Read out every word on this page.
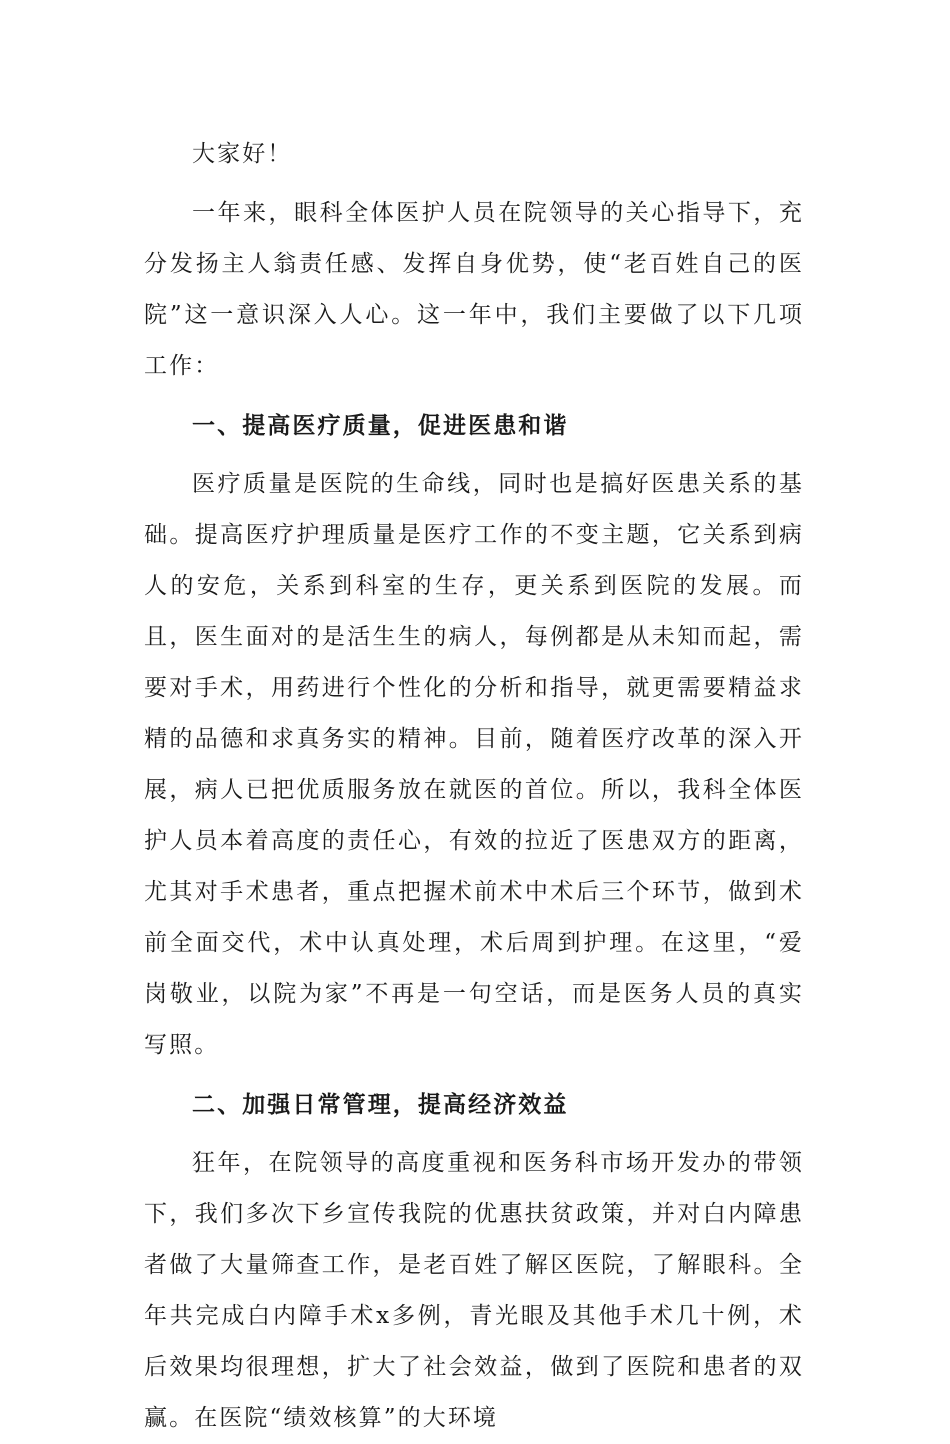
大家好！

一年来，眼科全体医护人员在院领导的关心指导下，充分发扬主人翁责任感、发挥自身优势，使“老百姓自己的医院”这一意识深入人心。这一年中，我们主要做了以下几项工作：

一、提高医疗质量，促进医患和谐

医疗质量是医院的生命线，同时也是搞好医患关系的基础。提高医疗护理质量是医疗工作的不变主题，它关系到病人的安危，关系到科室的生存，更关系到医院的发展。而且，医生面对的是活生生的病人，每例都是从未知而起，需要对手术，用药进行个性化的分析和指导，就更需要精益求精的品德和求真务实的精神。目前，随着医疗改革的深入开展，病人已把优质服务放在就医的首位。所以，我科全体医护人员本着高度的责任心，有效的拉近了医患双方的距离，尤其对手术患者，重点把握术前术中术后三个环节，做到术前全面交代，术中认真处理，术后周到护理。在这里，“爱岗敬业，以院为家”不再是一句空话，而是医务人员的真实写照。

二、加强日常管理，提高经济效益

狂年，在院领导的高度重视和医务科市场开发办的带领下，我们多次下乡宣传我院的优惠扶贫政策，并对白内障患者做了大量筛查工作，是老百姓了解区医院，了解眼科。全年共完成白内障手术x多例，青光眼及其他手术几十例，术后效果均很理想，扩大了社会效益，做到了医院和患者的双赢。在医院“绩效核算”的大环境
